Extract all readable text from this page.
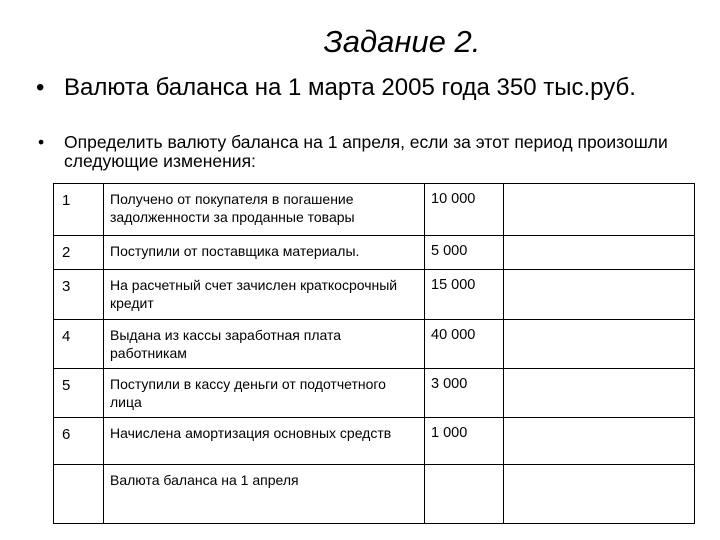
Задание 2.
• Валюта баланса на 1 марта 2005 года 350 тыс.руб.
•	Определить валюту баланса на 1 апреля, если за этот период произошли следующие изменения:
1	Получено от покупателя в погашение задолженности за проданные товары	10 000	
2	Поступили от поставщика материалы.	5 000	
3	На расчетный счет зачислен краткосрочный кредит	15 000	
4	Выдана из кассы заработная плата работникам	40 000	
5	Поступили в кассу деньги от подотчетного лица	3 000	
6	Начислена амортизация основных средств	1 000	
	Валюта баланса на 1 апреля		
